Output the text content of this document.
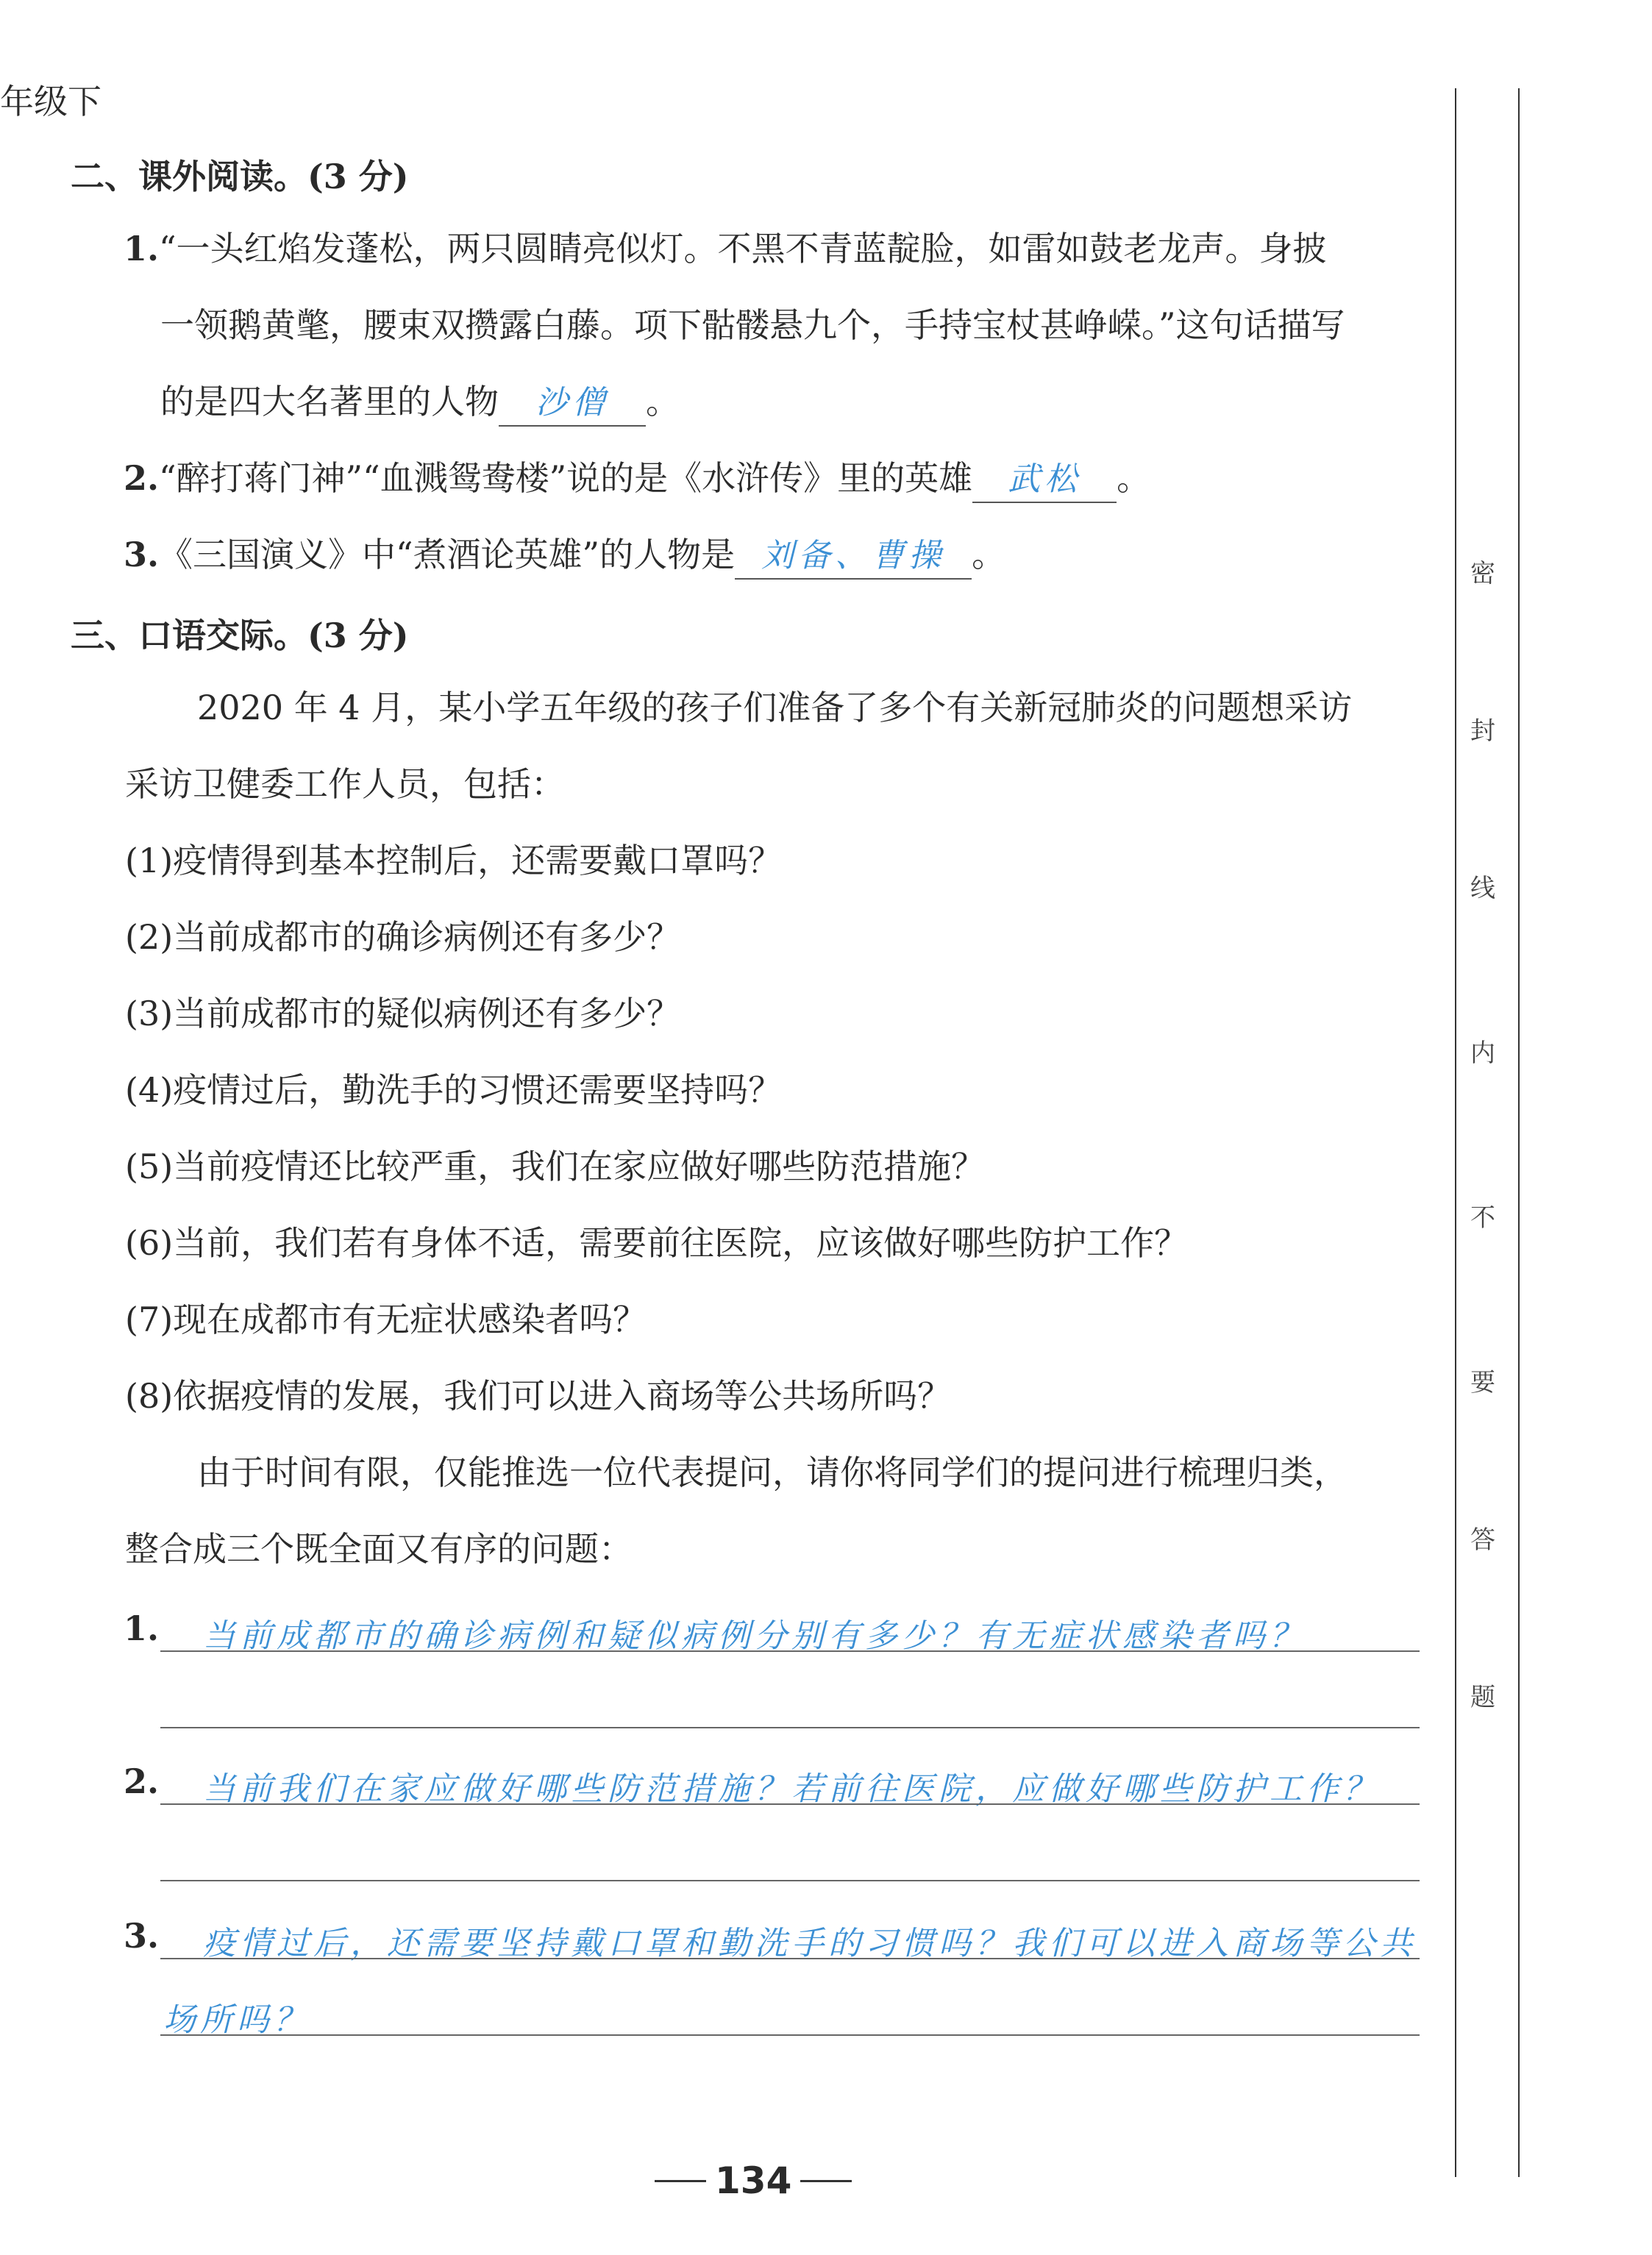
年级下
二、课外阅读。(3 分)
1.“一头红焰发蓬松，两只圆睛亮似灯。不黑不青蓝靛脸，如雷如鼓老龙声。身披
一领鹅黄氅，腰束双攒露白藤。项下骷髅悬九个，手持宝杖甚峥嵘。”这句话描写
的是四大名著里的人物 沙僧 。
2.“醉打蒋门神”“血溅鸳鸯楼”说的是《水浒传》里的英雄 武松 。
3.《三国演义》中“煮酒论英雄”的人物是 刘备、曹操 。
三、口语交际。(3 分)
2020 年 4 月，某小学五年级的孩子们准备了多个有关新冠肺炎的问题想采访
采访卫健委工作人员，包括：
(1)疫情得到基本控制后，还需要戴口罩吗？
(2)当前成都市的确诊病例还有多少？
(3)当前成都市的疑似病例还有多少？
(4)疫情过后，勤洗手的习惯还需要坚持吗？
(5)当前疫情还比较严重，我们在家应做好哪些防范措施？
(6)当前，我们若有身体不适，需要前往医院，应该做好哪些防护工作？
(7)现在成都市有无症状感染者吗？
(8)依据疫情的发展，我们可以进入商场等公共场所吗？
由于时间有限，仅能推选一位代表提问，请你将同学们的提问进行梳理归类，
整合成三个既全面又有序的问题：
1. 当前成都市的确诊病例和疑似病例分别有多少？有无症状感染者吗？
2. 当前我们在家应做好哪些防范措施？若前往医院，应做好哪些防护工作？
3. 疫情过后，还需要坚持戴口罩和勤洗手的习惯吗？我们可以进入商场等公共
场所吗？
134
密
封
线
内
不
要
答
题
